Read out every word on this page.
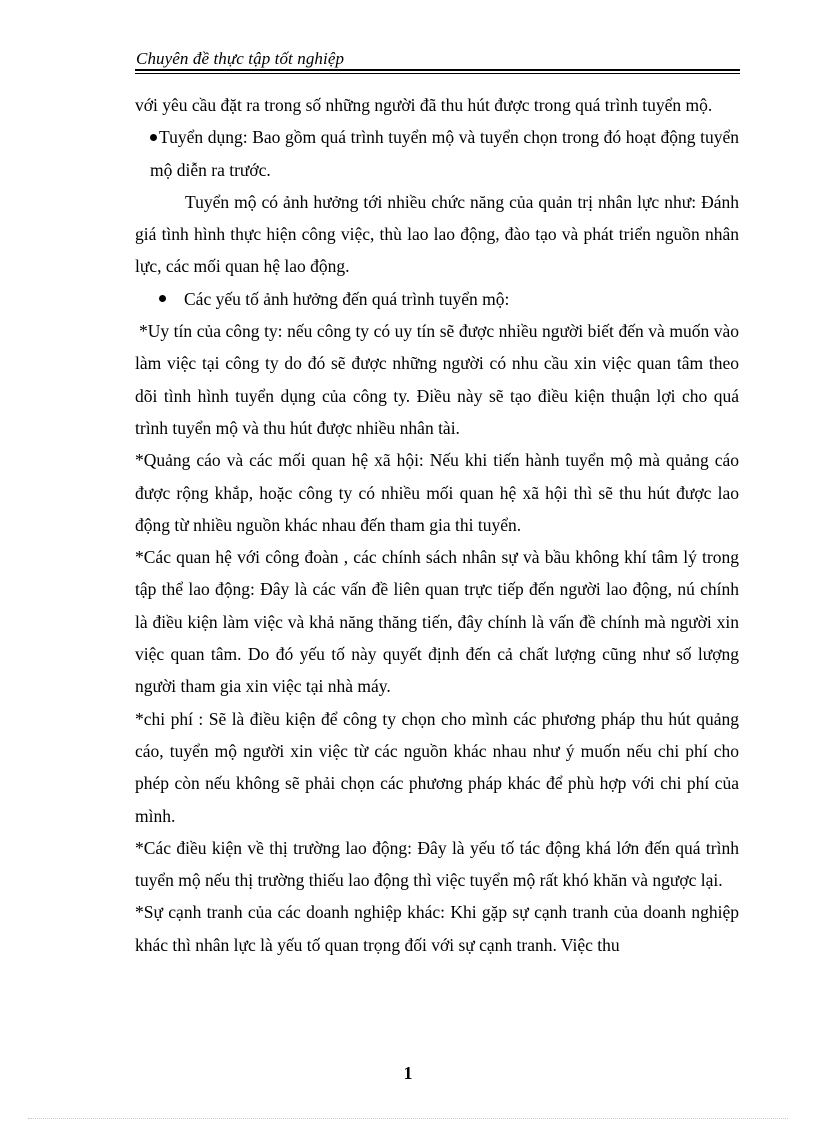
Chuyên đề thực tập tốt nghiệp

với yêu cầu đặt ra trong số những người đã thu hút được trong quá trình tuyển mộ.

Tuyển dụng: Bao gồm quá trình tuyển mộ và tuyển chọn trong đó hoạt động tuyển mộ diễn ra trước.

Tuyển mộ có ảnh hưởng tới nhiều chức năng của quản trị nhân lực như: Đánh giá tình hình thực hiện công việc, thù lao lao động, đào tạo và phát triển nguồn nhân lực, các mối quan hệ lao động.

Các yếu tố ảnh hưởng đến quá trình tuyển mộ:

*Uy tín của công ty: nếu công ty có uy tín sẽ được nhiều người biết đến và muốn vào làm việc tại công ty do đó sẽ được những người có nhu cầu xin việc quan tâm theo dõi tình hình tuyển dụng của công ty. Điều này sẽ tạo điều kiện thuận lợi cho quá trình tuyển mộ và thu hút được nhiều nhân tài.

*Quảng cáo và các mối quan hệ xã hội: Nếu khi tiến hành tuyển mộ mà quảng cáo được rộng khắp, hoặc công ty có nhiều mối quan hệ xã hội thì sẽ thu hút được lao động từ nhiều nguồn khác nhau đến tham gia thi tuyển.

*Các quan hệ với công đoàn , các chính sách nhân sự và bầu không khí tâm lý trong tập thể lao động: Đây là các vấn đề liên quan trực tiếp đến người lao động, nú chính là điều kiện làm việc và khả năng thăng tiến, đây chính là vấn đề chính mà người xin việc quan tâm. Do đó yếu tố này quyết định đến cả chất lượng cũng như số lượng người tham gia xin việc tại nhà máy.

*chi phí : Sẽ là điều kiện để công ty chọn cho mình các phương pháp thu hút quảng cáo, tuyển mộ người xin việc từ các nguồn khác nhau như ý muốn nếu chi phí cho phép còn nếu không sẽ phải chọn các phương pháp khác để phù hợp với chi phí của mình.

*Các điều kiện về thị trường lao động: Đây là yếu tố tác động khá lớn đến quá trình tuyển mộ nếu thị trường thiếu lao động thì việc tuyển mộ rất khó khăn và ngược lại.

*Sự cạnh tranh của các doanh nghiệp khác: Khi gặp sự cạnh tranh của doanh nghiệp khác thì nhân lực là yếu tố quan trọng đối với sự cạnh tranh. Việc thu

1
